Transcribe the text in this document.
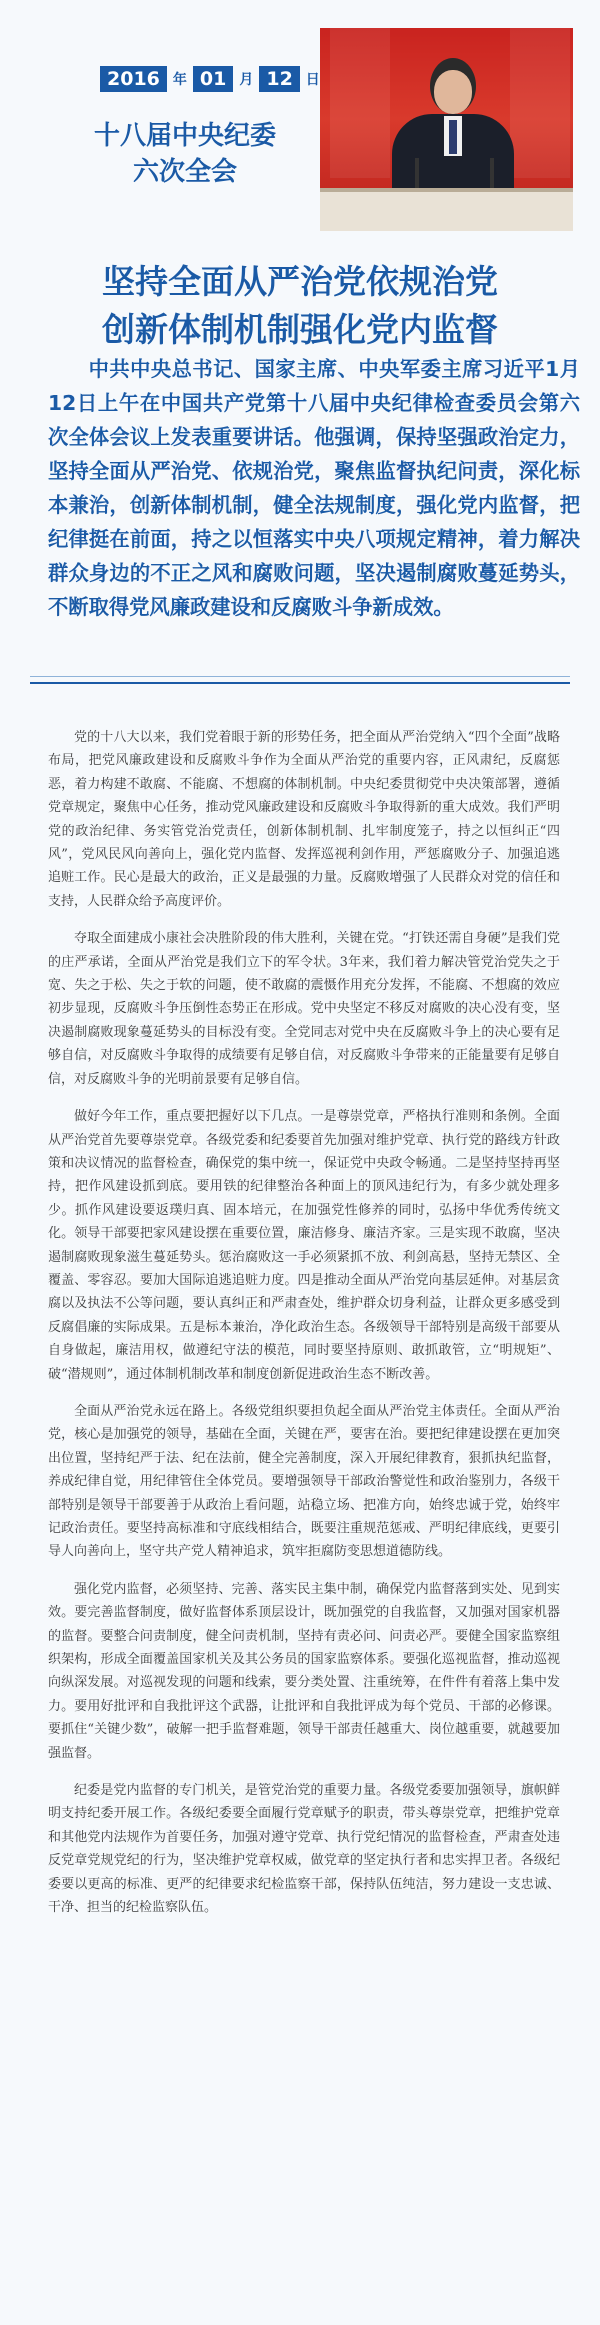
2016 年 01 月 12 日
十八届中央纪委
六次全会
坚持全面从严治党依规治党
创新体制机制强化党内监督
中共中央总书记、国家主席、中央军委主席习近平1月12日上午在中国共产党第十八届中央纪律检查委员会第六次全体会议上发表重要讲话。他强调，保持坚强政治定力，坚持全面从严治党、依规治党，聚焦监督执纪问责，深化标本兼治，创新体制机制，健全法规制度，强化党内监督，把纪律挺在前面，持之以恒落实中央八项规定精神，着力解决群众身边的不正之风和腐败问题，坚决遏制腐败蔓延势头，不断取得党风廉政建设和反腐败斗争新成效。

党的十八大以来，我们党着眼于新的形势任务，把全面从严治党纳入“四个全面”战略布局，把党风廉政建设和反腐败斗争作为全面从严治党的重要内容，正风肃纪，反腐惩恶，着力构建不敢腐、不能腐、不想腐的体制机制。中央纪委贯彻党中央决策部署，遵循党章规定，聚焦中心任务，推动党风廉政建设和反腐败斗争取得新的重大成效。我们严明党的政治纪律、务实管党治党责任，创新体制机制、扎牢制度笼子，持之以恒纠正“四风”，党风民风向善向上，强化党内监督、发挥巡视利剑作用，严惩腐败分子、加强追逃追赃工作。民心是最大的政治，正义是最强的力量。反腐败增强了人民群众对党的信任和支持，人民群众给予高度评价。

夺取全面建成小康社会决胜阶段的伟大胜利，关键在党。“打铁还需自身硬”是我们党的庄严承诺，全面从严治党是我们立下的军令状。3年来，我们着力解决管党治党失之于宽、失之于松、失之于软的问题，使不敢腐的震慑作用充分发挥，不能腐、不想腐的效应初步显现，反腐败斗争压倒性态势正在形成。党中央坚定不移反对腐败的决心没有变，坚决遏制腐败现象蔓延势头的目标没有变。全党同志对党中央在反腐败斗争上的决心要有足够自信，对反腐败斗争取得的成绩要有足够自信，对反腐败斗争带来的正能量要有足够自信，对反腐败斗争的光明前景要有足够自信。

做好今年工作，重点要把握好以下几点。一是尊崇党章，严格执行准则和条例。全面从严治党首先要尊崇党章。各级党委和纪委要首先加强对维护党章、执行党的路线方针政策和决议情况的监督检查，确保党的集中统一，保证党中央政令畅通。二是坚持坚持再坚持，把作风建设抓到底。要用铁的纪律整治各种面上的顶风违纪行为，有多少就处理多少。抓作风建设要返璞归真、固本培元，在加强党性修养的同时，弘扬中华优秀传统文化。领导干部要把家风建设摆在重要位置，廉洁修身、廉洁齐家。三是实现不敢腐，坚决遏制腐败现象滋生蔓延势头。惩治腐败这一手必须紧抓不放、利剑高悬，坚持无禁区、全覆盖、零容忍。要加大国际追逃追赃力度。四是推动全面从严治党向基层延伸。对基层贪腐以及执法不公等问题，要认真纠正和严肃查处，维护群众切身利益，让群众更多感受到反腐倡廉的实际成果。五是标本兼治，净化政治生态。各级领导干部特别是高级干部要从自身做起，廉洁用权，做遵纪守法的模范，同时要坚持原则、敢抓敢管，立“明规矩”、破“潜规则”，通过体制机制改革和制度创新促进政治生态不断改善。

全面从严治党永远在路上。各级党组织要担负起全面从严治党主体责任。全面从严治党，核心是加强党的领导，基础在全面，关键在严，要害在治。要把纪律建设摆在更加突出位置，坚持纪严于法、纪在法前，健全完善制度，深入开展纪律教育，狠抓执纪监督，养成纪律自觉，用纪律管住全体党员。要增强领导干部政治警觉性和政治鉴别力，各级干部特别是领导干部要善于从政治上看问题，站稳立场、把准方向，始终忠诚于党，始终牢记政治责任。要坚持高标准和守底线相结合，既要注重规范惩戒、严明纪律底线，更要引导人向善向上，坚守共产党人精神追求，筑牢拒腐防变思想道德防线。

强化党内监督，必须坚持、完善、落实民主集中制，确保党内监督落到实处、见到实效。要完善监督制度，做好监督体系顶层设计，既加强党的自我监督，又加强对国家机器的监督。要整合问责制度，健全问责机制，坚持有责必问、问责必严。要健全国家监察组织架构，形成全面覆盖国家机关及其公务员的国家监察体系。要强化巡视监督，推动巡视向纵深发展。对巡视发现的问题和线索，要分类处置、注重统筹，在件件有着落上集中发力。要用好批评和自我批评这个武器，让批评和自我批评成为每个党员、干部的必修课。要抓住“关键少数”，破解一把手监督难题，领导干部责任越重大、岗位越重要，就越要加强监督。

纪委是党内监督的专门机关，是管党治党的重要力量。各级党委要加强领导，旗帜鲜明支持纪委开展工作。各级纪委要全面履行党章赋予的职责，带头尊崇党章，把维护党章和其他党内法规作为首要任务，加强对遵守党章、执行党纪情况的监督检查，严肃查处违反党章党规党纪的行为，坚决维护党章权威，做党章的坚定执行者和忠实捍卫者。各级纪委要以更高的标准、更严的纪律要求纪检监察干部，保持队伍纯洁，努力建设一支忠诚、干净、担当的纪检监察队伍。
